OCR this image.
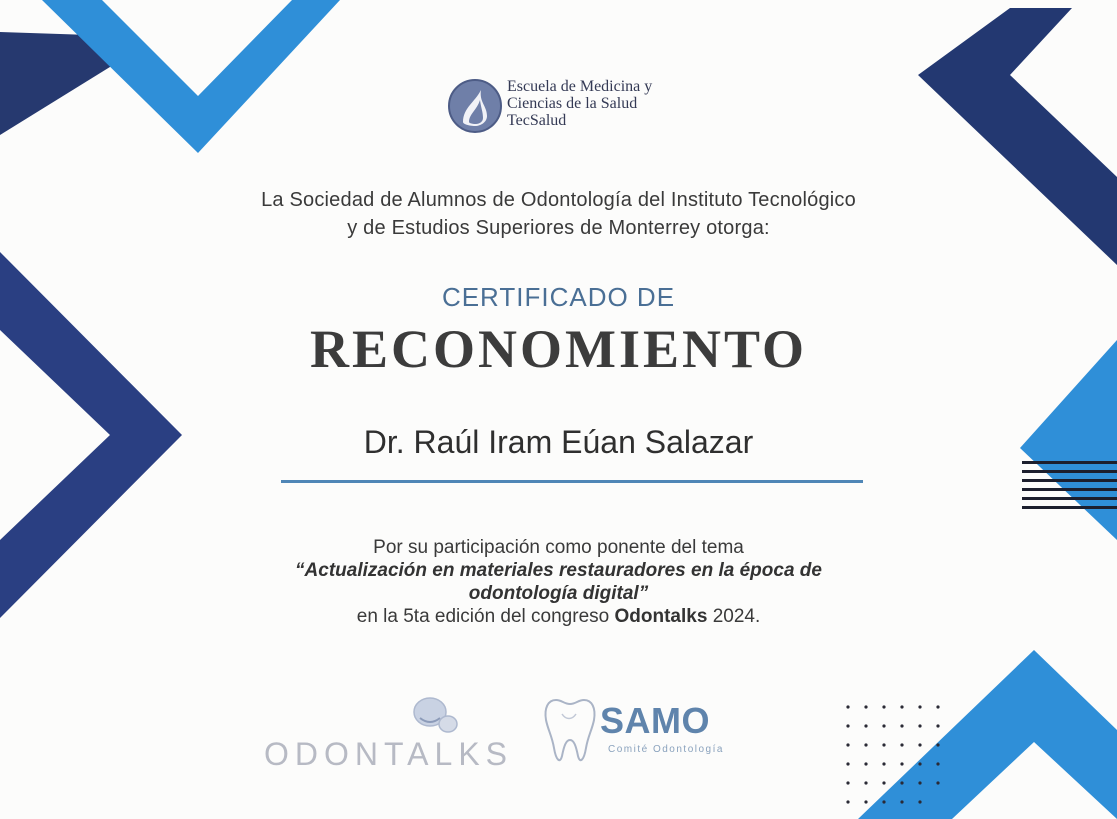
Escuela de Medicina y
Ciencias de la Salud
TecSalud
La Sociedad de Alumnos de Odontología del Instituto Tecnológico
y de Estudios Superiores de Monterrey otorga:
CERTIFICADO DE
RECONOMIENTO
Dr. Raúl Iram Eúan Salazar
Por su participación como ponente del tema
“Actualización en materiales restauradores en la época de
odontología digital”
en la 5ta edición del congreso Odontalks 2024.
ODONTALKS
SAMO
Comité Odontología
